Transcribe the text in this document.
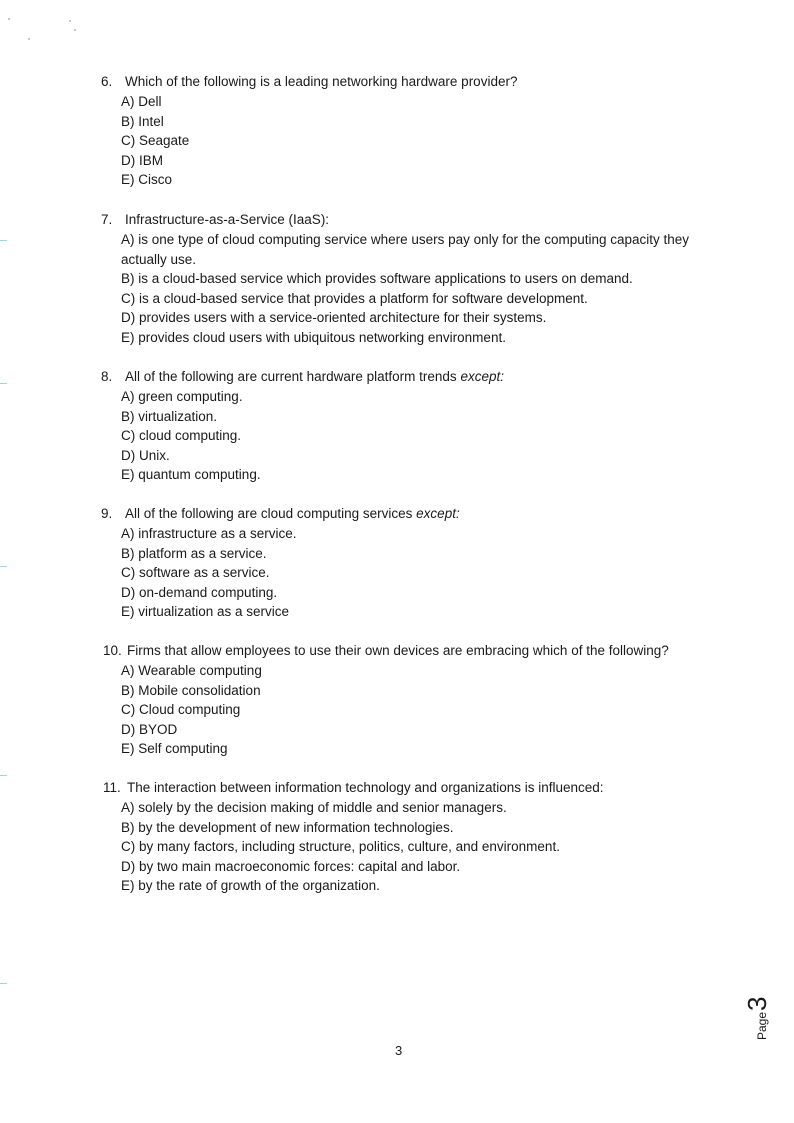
6. Which of the following is a leading networking hardware provider?
A) Dell
B) Intel
C) Seagate
D) IBM
E) Cisco
7. Infrastructure-as-a-Service (IaaS):
A) is one type of cloud computing service where users pay only for the computing capacity they actually use.
B) is a cloud-based service which provides software applications to users on demand.
C) is a cloud-based service that provides a platform for software development.
D) provides users with a service-oriented architecture for their systems.
E) provides cloud users with ubiquitous networking environment.
8. All of the following are current hardware platform trends except:
A) green computing.
B) virtualization.
C) cloud computing.
D) Unix.
E) quantum computing.
9. All of the following are cloud computing services except:
A) infrastructure as a service.
B) platform as a service.
C) software as a service.
D) on-demand computing.
E) virtualization as a service
10. Firms that allow employees to use their own devices are embracing which of the following?
A) Wearable computing
B) Mobile consolidation
C) Cloud computing
D) BYOD
E) Self computing
11. The interaction between information technology and organizations is influenced:
A) solely by the decision making of middle and senior managers.
B) by the development of new information technologies.
C) by many factors, including structure, politics, culture, and environment.
D) by two main macroeconomic forces: capital and labor.
E) by the rate of growth of the organization.
Page3
3
